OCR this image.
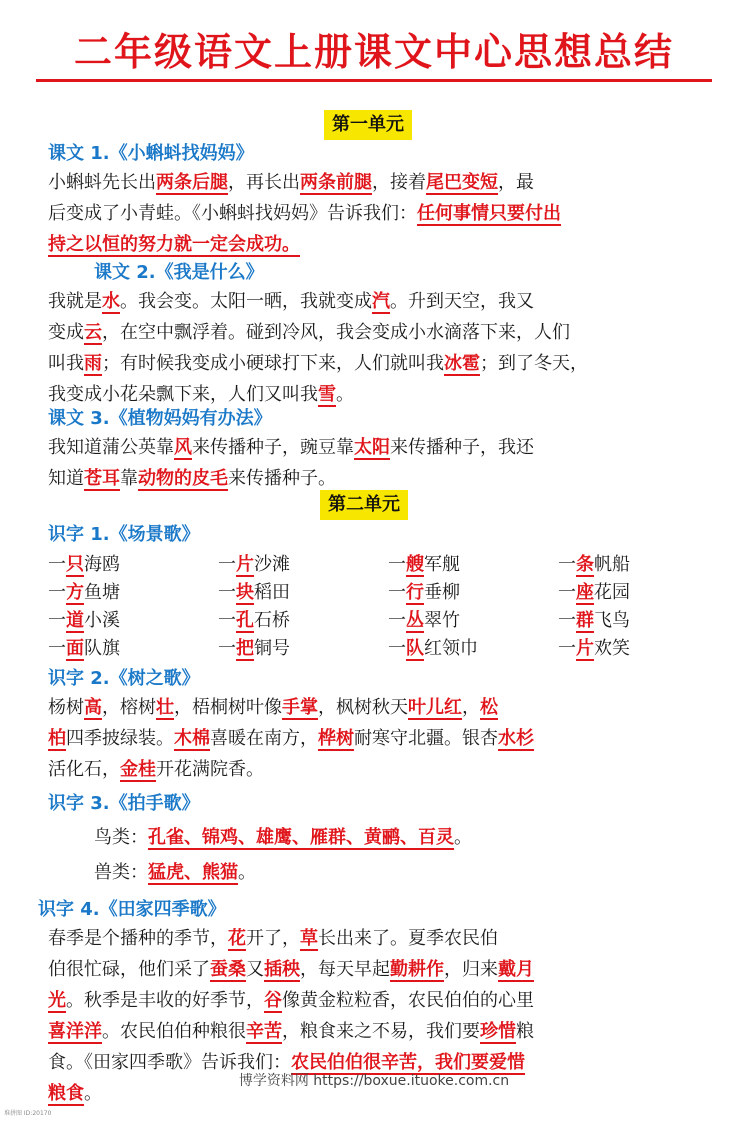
二年级语文上册课文中心思想总结
第一单元
课文 1.《小蝌蚪找妈妈》
小蝌蚪先长出两条后腿，再长出两条前腿，接着尾巴变短，最
后变成了小青蛙。《小蝌蚪找妈妈》告诉我们：任何事情只要付出
持之以恒的努力就一定会成功。
课文 2.《我是什么》
我就是水。我会变。太阳一晒，我就变成汽。升到天空，我又
变成云，在空中飘浮着。碰到冷风，我会变成小水滴落下来，人们
叫我雨；有时候我变成小硬球打下来，人们就叫我冰雹；到了冬天，
我变成小花朵飘下来，人们又叫我雪。
课文 3.《植物妈妈有办法》
我知道蒲公英靠风来传播种子，豌豆靠太阳来传播种子，我还
知道苍耳靠动物的皮毛来传播种子。
第二单元
识字 1.《场景歌》
一只海鸥	一片沙滩	一艘军舰	一条帆船
一方鱼塘	一块稻田	一行垂柳	一座花园
一道小溪	一孔石桥	一丛翠竹	一群飞鸟
一面队旗	一把铜号	一队红领巾	一片欢笑
识字 2.《树之歌》
杨树高，榕树壮，梧桐树叶像手掌，枫树秋天叶儿红，松
柏四季披绿装。木棉喜暖在南方，桦树耐寒守北疆。银杏水杉
活化石，金桂开花满院香。
识字 3.《拍手歌》
鸟类：孔雀、锦鸡、雄鹰、雁群、黄鹂、百灵。
兽类：猛虎、熊猫。
识字 4.《田家四季歌》
春季是个播种的季节，花开了，草长出来了。夏季农民伯
伯很忙碌，他们采了蚕桑又插秧，每天早起勤耕作，归来戴月
光。秋季是丰收的好季节，谷像黄金粒粒香，农民伯伯的心里
喜洋洋。农民伯伯种粮很辛苦，粮食来之不易，我们要珍惜粮
食。《田家四季歌》告诉我们：农民伯伯很辛苦，我们要爱惜
粮食。
博学资料网 https://boxue.ituoke.com.cn
堆拼图 ID:20170
